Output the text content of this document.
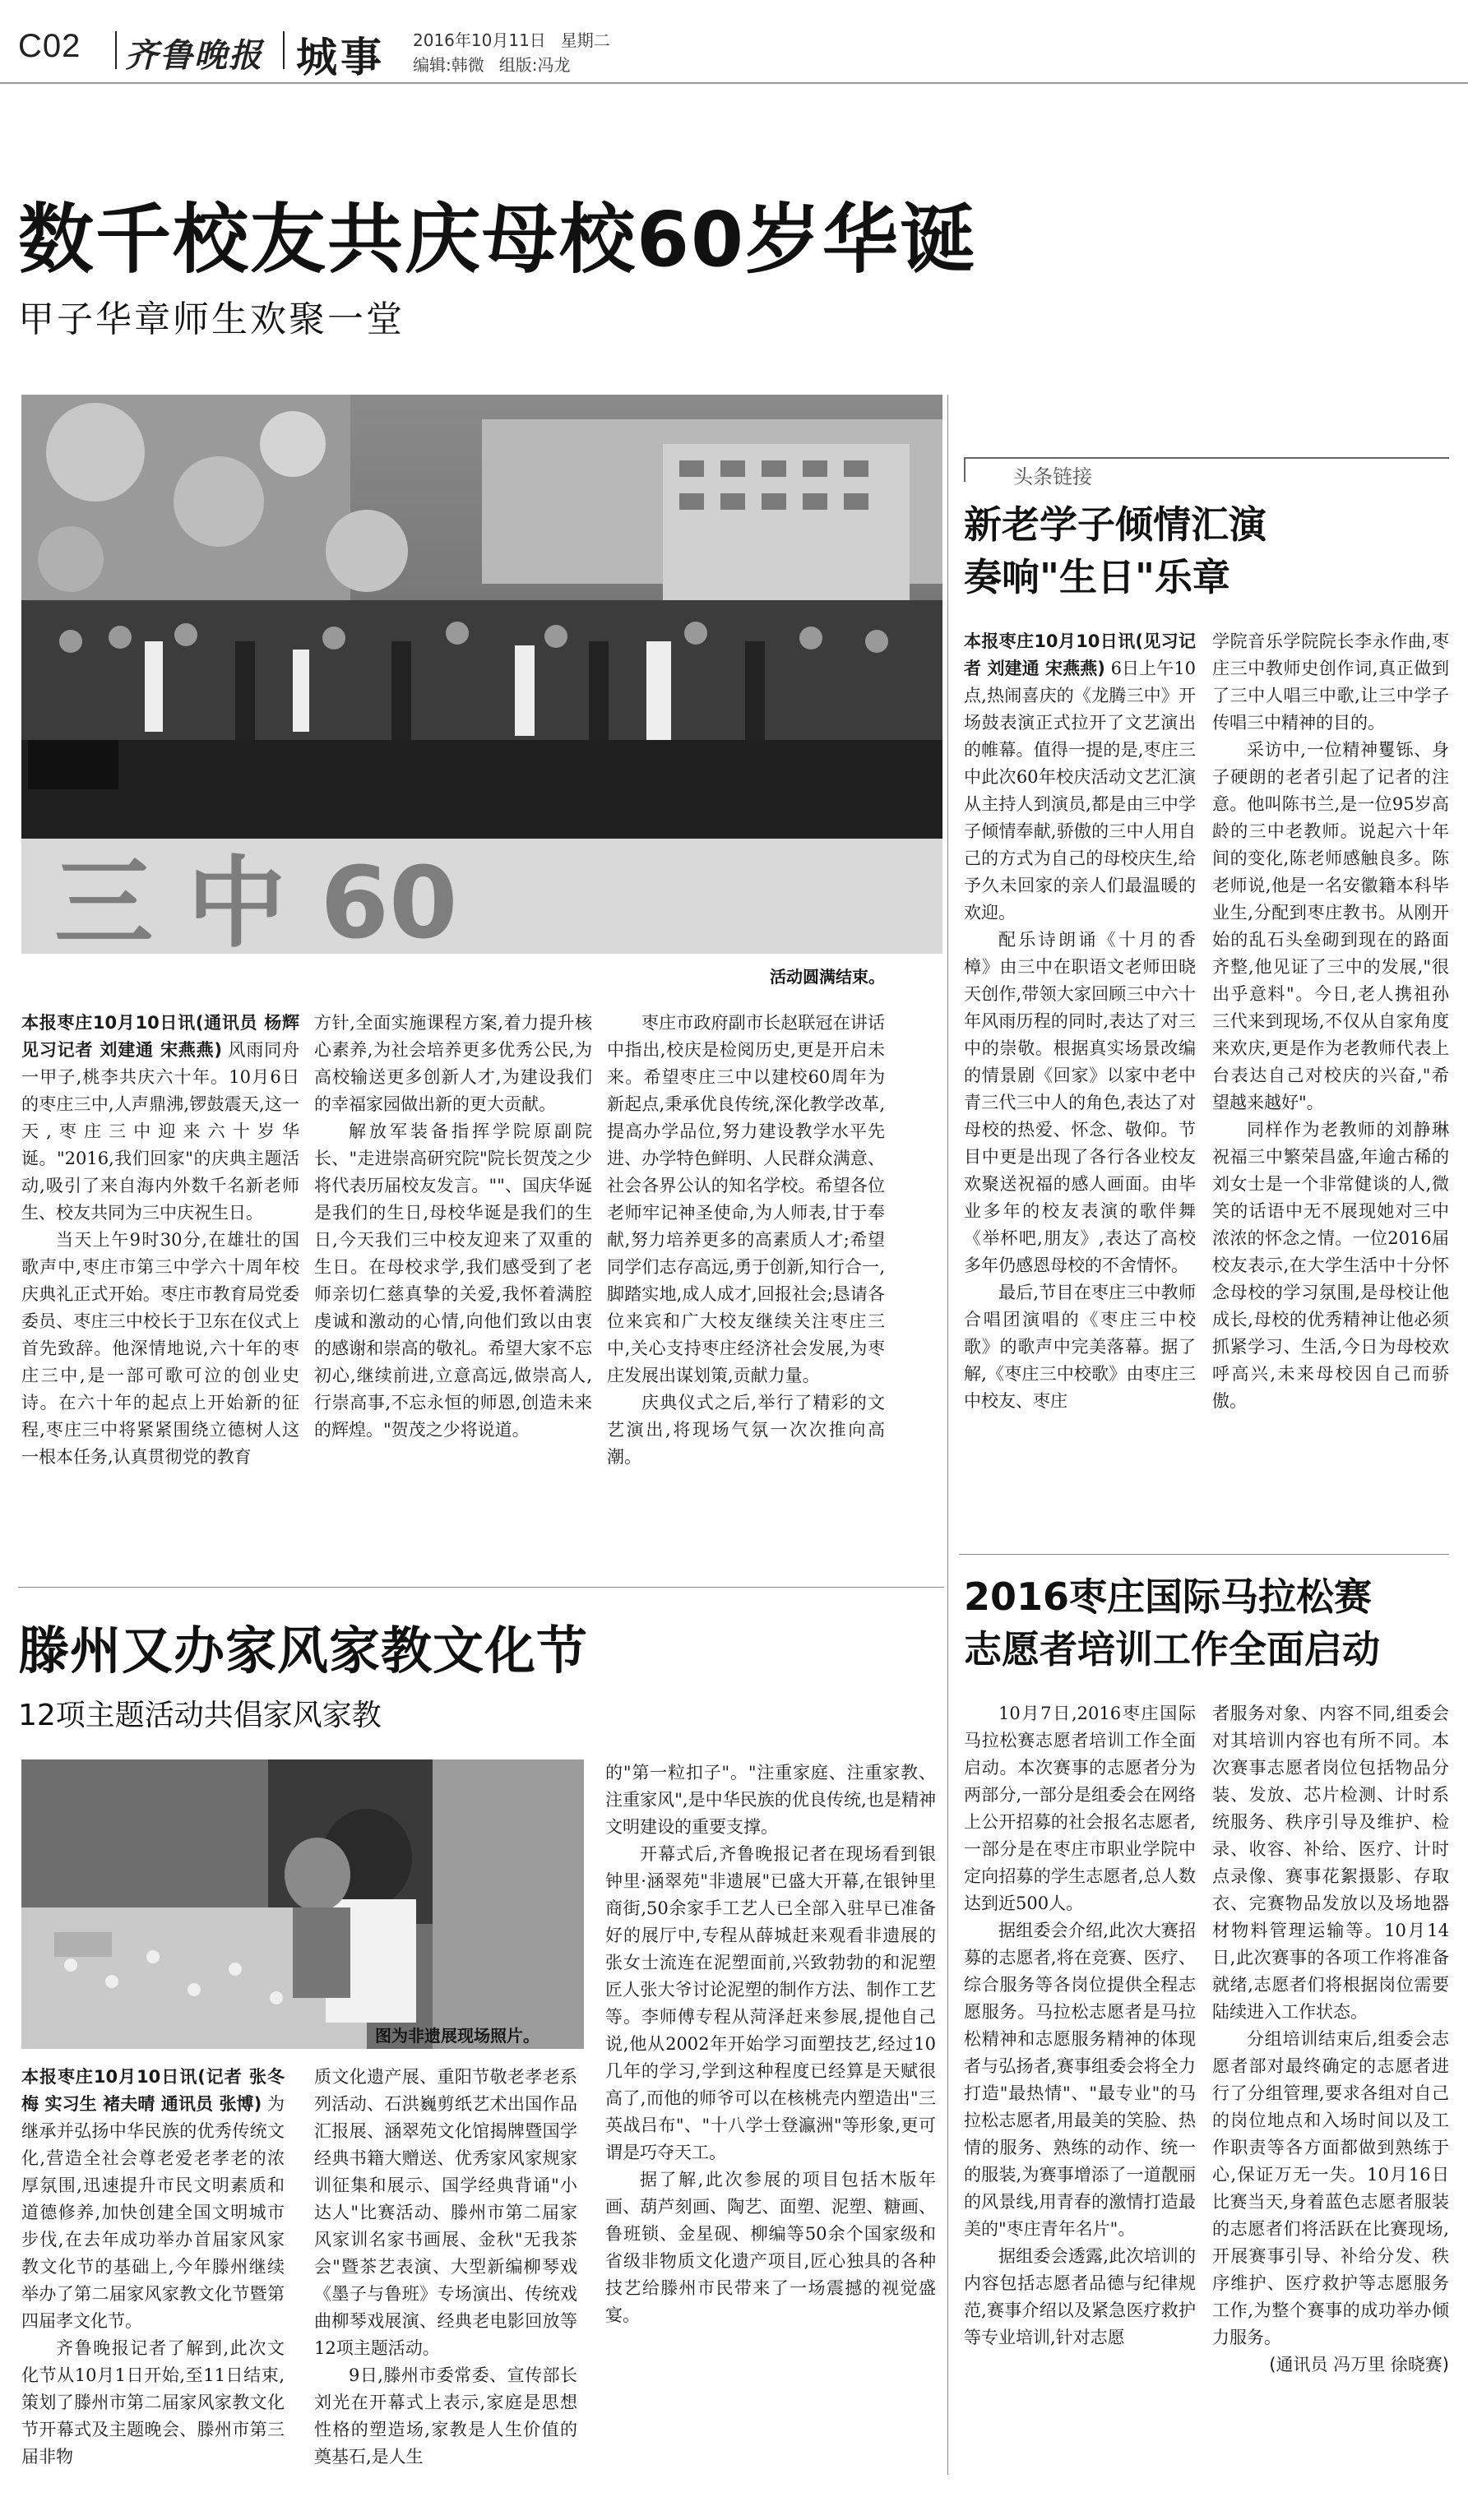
C02 齐鲁晚报 城事 2016年10月11日 星期二
编辑:韩微 组版:冯龙
数千校友共庆母校60岁华诞
甲子华章师生欢聚一堂
三 中 60
活动圆满结束。

本报枣庄10月10日讯(通讯员 杨辉 见习记者 刘建通 宋燕燕) 风雨同舟一甲子,桃李共庆六十年。10月6日的枣庄三中,人声鼎沸,锣鼓震天,这一天,枣庄三中迎来六十岁华诞。"2016,我们回家"的庆典主题活动,吸引了来自海内外数千名新老师生、校友共同为三中庆祝生日。

当天上午9时30分,在雄壮的国歌声中,枣庄市第三中学六十周年校庆典礼正式开始。枣庄市教育局党委委员、枣庄三中校长于卫东在仪式上首先致辞。他深情地说,六十年的枣庄三中,是一部可歌可泣的创业史诗。在六十年的起点上开始新的征程,枣庄三中将紧紧围绕立德树人这一根本任务,认真贯彻党的教育

方针,全面实施课程方案,着力提升核心素养,为社会培养更多优秀公民,为高校输送更多创新人才,为建设我们的幸福家园做出新的更大贡献。

解放军装备指挥学院原副院长、"走进崇高研究院"院长贺茂之少将代表历届校友发言。""、国庆华诞是我们的生日,母校华诞是我们的生日,今天我们三中校友迎来了双重的生日。在母校求学,我们感受到了老师亲切仁慈真挚的关爱,我怀着满腔虔诚和激动的心情,向他们致以由衷的感谢和崇高的敬礼。希望大家不忘初心,继续前进,立意高远,做崇高人,行崇高事,不忘永恒的师恩,创造未来的辉煌。"贺茂之少将说道。

枣庄市政府副市长赵联冠在讲话中指出,校庆是检阅历史,更是开启未来。希望枣庄三中以建校60周年为新起点,秉承优良传统,深化教学改革,提高办学品位,努力建设教学水平先进、办学特色鲜明、人民群众满意、社会各界公认的知名学校。希望各位老师牢记神圣使命,为人师表,甘于奉献,努力培养更多的高素质人才;希望同学们志存高远,勇于创新,知行合一,脚踏实地,成人成才,回报社会;恳请各位来宾和广大校友继续关注枣庄三中,关心支持枣庄经济社会发展,为枣庄发展出谋划策,贡献力量。

庆典仪式之后,举行了精彩的文艺演出,将现场气氛一次次推向高潮。

头条链接
新老学子倾情汇演
奏响"生日"乐章

本报枣庄10月10日讯(见习记者 刘建通 宋燕燕) 6日上午10点,热闹喜庆的《龙腾三中》开场鼓表演正式拉开了文艺演出的帷幕。值得一提的是,枣庄三中此次60年校庆活动文艺汇演从主持人到演员,都是由三中学子倾情奉献,骄傲的三中人用自己的方式为自己的母校庆生,给予久未回家的亲人们最温暖的欢迎。

配乐诗朗诵《十月的香樟》由三中在职语文老师田晓天创作,带领大家回顾三中六十年风雨历程的同时,表达了对三中的崇敬。根据真实场景改编的情景剧《回家》以家中老中青三代三中人的角色,表达了对母校的热爱、怀念、敬仰。节目中更是出现了各行各业校友欢聚送祝福的感人画面。由毕业多年的校友表演的歌伴舞《举杯吧,朋友》,表达了高校多年仍感恩母校的不舍情怀。

最后,节目在枣庄三中教师合唱团演唱的《枣庄三中校歌》的歌声中完美落幕。据了解,《枣庄三中校歌》由枣庄三中校友、枣庄

学院音乐学院院长李永作曲,枣庄三中教师史创作词,真正做到了三中人唱三中歌,让三中学子传唱三中精神的目的。

采访中,一位精神矍铄、身子硬朗的老者引起了记者的注意。他叫陈书兰,是一位95岁高龄的三中老教师。说起六十年间的变化,陈老师感触良多。陈老师说,他是一名安徽籍本科毕业生,分配到枣庄教书。从刚开始的乱石头垒砌到现在的路面齐整,他见证了三中的发展,"很出乎意料"。今日,老人携祖孙三代来到现场,不仅从自家角度来欢庆,更是作为老教师代表上台表达自己对校庆的兴奋,"希望越来越好"。

同样作为老教师的刘静琳祝福三中繁荣昌盛,年逾古稀的刘女士是一个非常健谈的人,微笑的话语中无不展现她对三中浓浓的怀念之情。一位2016届校友表示,在大学生活中十分怀念母校的学习氛围,是母校让他成长,母校的优秀精神让他必须抓紧学习、生活,今日为母校欢呼高兴,未来母校因自己而骄傲。

滕州又办家风家教文化节
12项主题活动共倡家风家教
图为非遗展现场照片。

本报枣庄10月10日讯(记者 张冬梅 实习生 褚夫晴 通讯员 张博) 为继承并弘扬中华民族的优秀传统文化,营造全社会尊老爱老孝老的浓厚氛围,迅速提升市民文明素质和道德修养,加快创建全国文明城市步伐,在去年成功举办首届家风家教文化节的基础上,今年滕州继续举办了第二届家风家教文化节暨第四届孝文化节。

齐鲁晚报记者了解到,此次文化节从10月1日开始,至11日结束,策划了滕州市第二届家风家教文化节开幕式及主题晚会、滕州市第三届非物

质文化遗产展、重阳节敬老孝老系列活动、石洪巍剪纸艺术出国作品汇报展、涵翠苑文化馆揭牌暨国学经典书籍大赠送、优秀家风家规家训征集和展示、国学经典背诵"小达人"比赛活动、滕州市第二届家风家训名家书画展、金秋"无我茶会"暨茶艺表演、大型新编柳琴戏《墨子与鲁班》专场演出、传统戏曲柳琴戏展演、经典老电影回放等12项主题活动。

9日,滕州市委常委、宣传部长刘光在开幕式上表示,家庭是思想性格的塑造场,家教是人生价值的奠基石,是人生

的"第一粒扣子"。"注重家庭、注重家教、注重家风",是中华民族的优良传统,也是精神文明建设的重要支撑。

开幕式后,齐鲁晚报记者在现场看到银钟里·涵翠苑"非遗展"已盛大开幕,在银钟里商街,50余家手工艺人已全部入驻早已准备好的展厅中,专程从薛城赶来观看非遗展的张女士流连在泥塑面前,兴致勃勃的和泥塑匠人张大爷讨论泥塑的制作方法、制作工艺等。李师傅专程从菏泽赶来参展,提他自己说,他从2002年开始学习面塑技艺,经过10几年的学习,学到这种程度已经算是天赋很高了,而他的师爷可以在核桃壳内塑造出"三英战吕布"、"十八学士登瀛洲"等形象,更可谓是巧夺天工。

据了解,此次参展的项目包括木版年画、葫芦刻画、陶艺、面塑、泥塑、糖画、鲁班锁、金星砚、柳编等50余个国家级和省级非物质文化遗产项目,匠心独具的各种技艺给滕州市民带来了一场震撼的视觉盛宴。

2016枣庄国际马拉松赛
志愿者培训工作全面启动

10月7日,2016枣庄国际马拉松赛志愿者培训工作全面启动。本次赛事的志愿者分为两部分,一部分是组委会在网络上公开招募的社会报名志愿者,一部分是在枣庄市职业学院中定向招募的学生志愿者,总人数达到近500人。

据组委会介绍,此次大赛招募的志愿者,将在竞赛、医疗、综合服务等各岗位提供全程志愿服务。马拉松志愿者是马拉松精神和志愿服务精神的体现者与弘扬者,赛事组委会将全力打造"最热情"、"最专业"的马拉松志愿者,用最美的笑脸、热情的服务、熟练的动作、统一的服装,为赛事增添了一道靓丽的风景线,用青春的激情打造最美的"枣庄青年名片"。

据组委会透露,此次培训的内容包括志愿者品德与纪律规范,赛事介绍以及紧急医疗救护等专业培训,针对志愿

者服务对象、内容不同,组委会对其培训内容也有所不同。本次赛事志愿者岗位包括物品分装、发放、芯片检测、计时系统服务、秩序引导及维护、检录、收容、补给、医疗、计时点录像、赛事花絮摄影、存取衣、完赛物品发放以及场地器材物料管理运输等。10月14日,此次赛事的各项工作将准备就绪,志愿者们将根据岗位需要陆续进入工作状态。

分组培训结束后,组委会志愿者部对最终确定的志愿者进行了分组管理,要求各组对自己的岗位地点和入场时间以及工作职责等各方面都做到熟练于心,保证万无一失。10月16日比赛当天,身着蓝色志愿者服装的志愿者们将活跃在比赛现场,开展赛事引导、补给分发、秩序维护、医疗救护等志愿服务工作,为整个赛事的成功举办倾力服务。

(通讯员 冯万里 徐晓赛)
